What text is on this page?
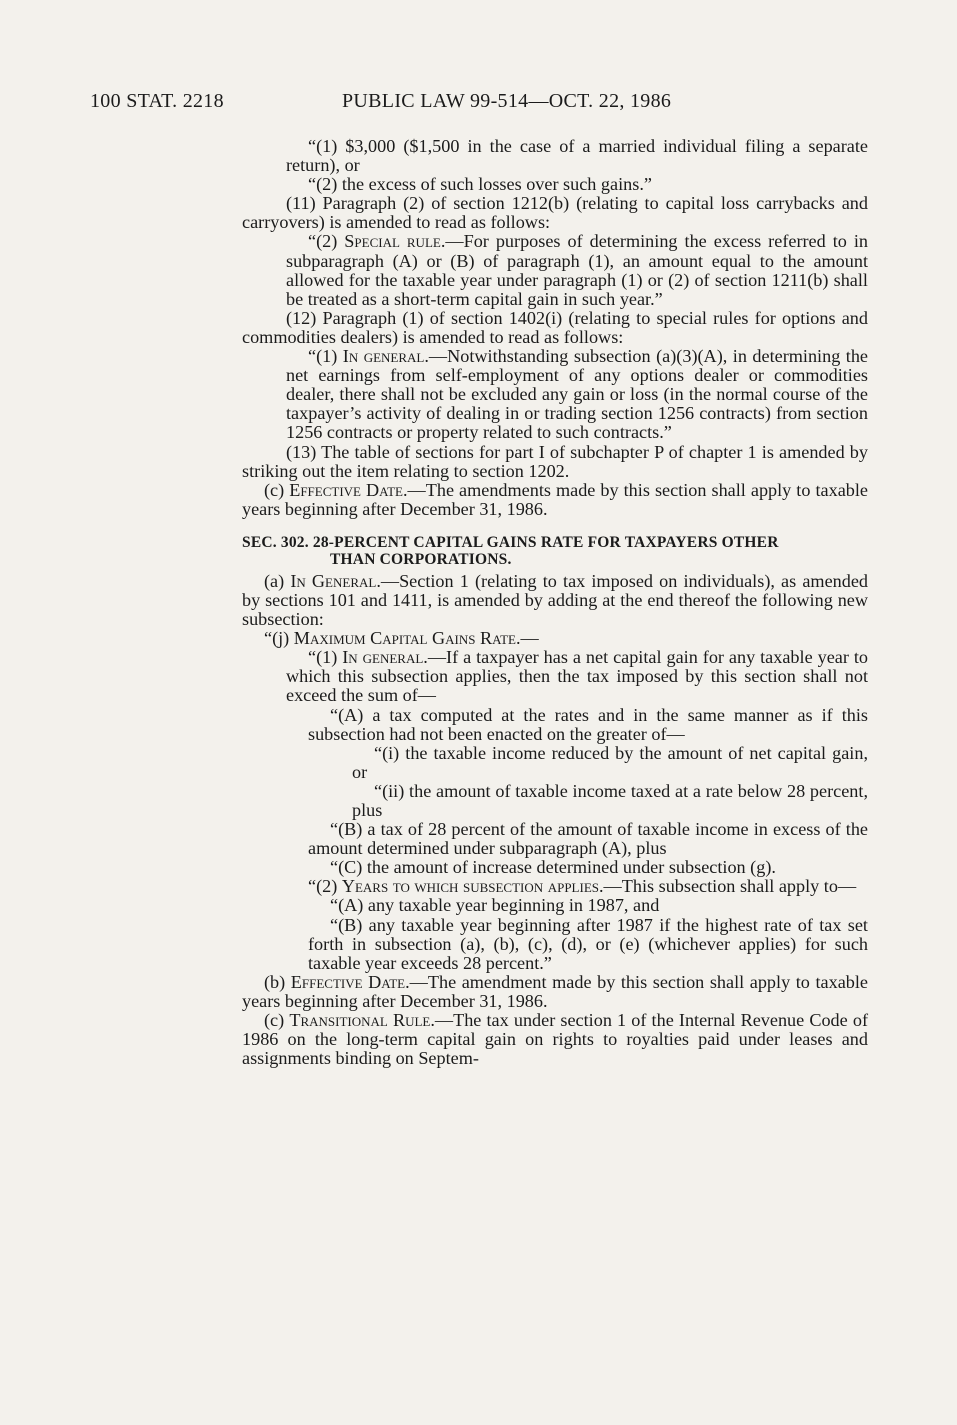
100 STAT. 2218	PUBLIC LAW 99-514—OCT. 22, 1986

“(1) $3,000 ($1,500 in the case of a married individual filing a separate return), or

“(2) the excess of such losses over such gains.”

(11) Paragraph (2) of section 1212(b) (relating to capital loss carrybacks and carryovers) is amended to read as follows:

“(2) Special rule.—For purposes of determining the excess referred to in subparagraph (A) or (B) of paragraph (1), an amount equal to the amount allowed for the taxable year under paragraph (1) or (2) of section 1211(b) shall be treated as a short-term capital gain in such year.”

(12) Paragraph (1) of section 1402(i) (relating to special rules for options and commodities dealers) is amended to read as follows:

“(1) In general.—Notwithstanding subsection (a)(3)(A), in determining the net earnings from self-employment of any options dealer or commodities dealer, there shall not be excluded any gain or loss (in the normal course of the taxpayer’s activity of dealing in or trading section 1256 contracts) from section 1256 contracts or property related to such contracts.”

(13) The table of sections for part I of subchapter P of chapter 1 is amended by striking out the item relating to section 1202.

(c) Effective Date.—The amendments made by this section shall apply to taxable years beginning after December 31, 1986.

SEC. 302. 28-PERCENT CAPITAL GAINS RATE FOR TAXPAYERS OTHER
THAN CORPORATIONS.

(a) In General.—Section 1 (relating to tax imposed on individuals), as amended by sections 101 and 1411, is amended by adding at the end thereof the following new subsection:

“(j) Maximum Capital Gains Rate.—

“(1) In general.—If a taxpayer has a net capital gain for any taxable year to which this subsection applies, then the tax imposed by this section shall not exceed the sum of—

“(A) a tax computed at the rates and in the same manner as if this subsection had not been enacted on the greater of—

“(i) the taxable income reduced by the amount of net capital gain, or

“(ii) the amount of taxable income taxed at a rate below 28 percent, plus

“(B) a tax of 28 percent of the amount of taxable income in excess of the amount determined under subparagraph (A), plus

“(C) the amount of increase determined under subsection (g).

“(2) Years to which subsection applies.—This subsection shall apply to—

“(A) any taxable year beginning in 1987, and

“(B) any taxable year beginning after 1987 if the highest rate of tax set forth in subsection (a), (b), (c), (d), or (e) (whichever applies) for such taxable year exceeds 28 percent.”

(b) Effective Date.—The amendment made by this section shall apply to taxable years beginning after December 31, 1986.

(c) Transitional Rule.—The tax under section 1 of the Internal Revenue Code of 1986 on the long-term capital gain on rights to royalties paid under leases and assignments binding on Septem-
